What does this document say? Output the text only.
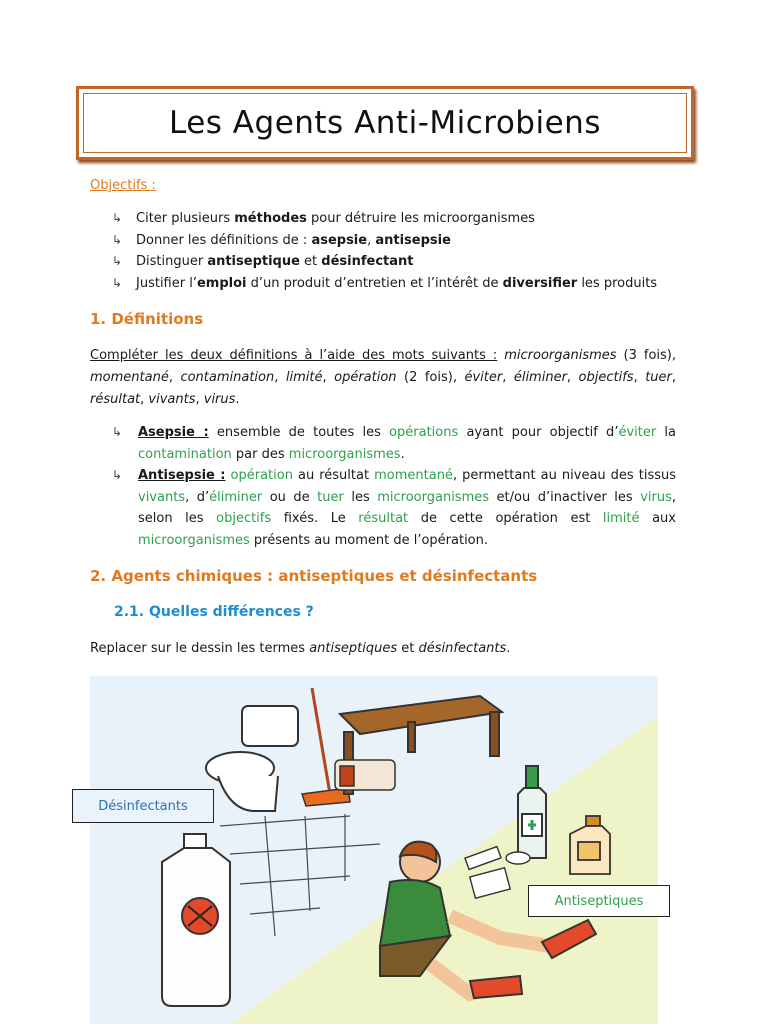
Les Agents Anti-Microbiens
Objectifs :
↳ Citer plusieurs méthodes pour détruire les microorganismes
↳ Donner les définitions de : asepsie, antisepsie
↳ Distinguer antiseptique et désinfectant
↳ Justifier l’emploi d’un produit d’entretien et l’intérêt de diversifier les produits
1. Définitions
Compléter les deux définitions à l’aide des mots suivants : microorganismes (3 fois), momentané, contamination, limité, opération (2 fois), éviter, éliminer, objectifs, tuer, résultat, vivants, virus.
↳ Asepsie : ensemble de toutes les opérations ayant pour objectif d’éviter la contamination par des microorganismes.
↳ Antisepsie : opération au résultat momentané, permettant au niveau des tissus vivants, d’éliminer ou de tuer les microorganismes et/ou d’inactiver les virus, selon les objectifs fixés. Le résultat de cette opération est limité aux microorganismes présents au moment de l’opération.
2. Agents chimiques : antiseptiques et désinfectants
2.1. Quelles différences ?
Replacer sur le dessin les termes antiseptiques et désinfectants.
Désinfectants
Antiseptiques
